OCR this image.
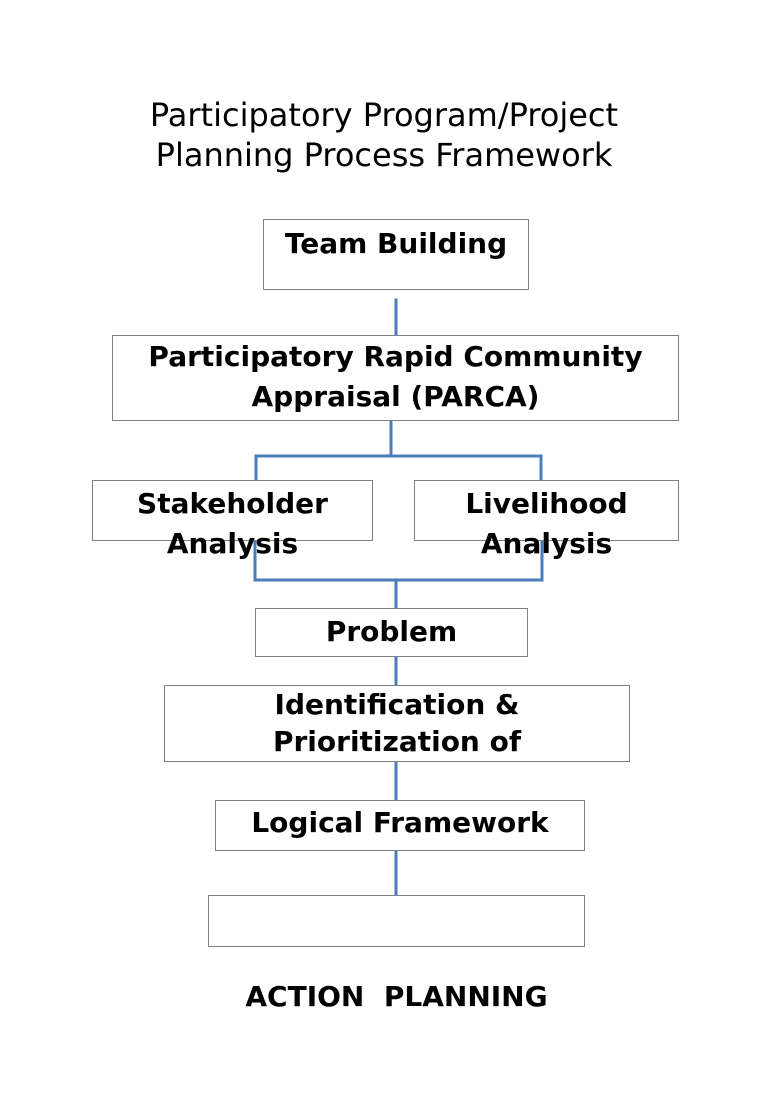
Participatory Program/Project
Planning Process Framework
Team Building
Participatory Rapid Community
Appraisal (PARCA)
Stakeholder
Analysis
Livelihood
Analysis
Problem
Identification &
Prioritization of
Logical Framework

ACTION  PLANNING
